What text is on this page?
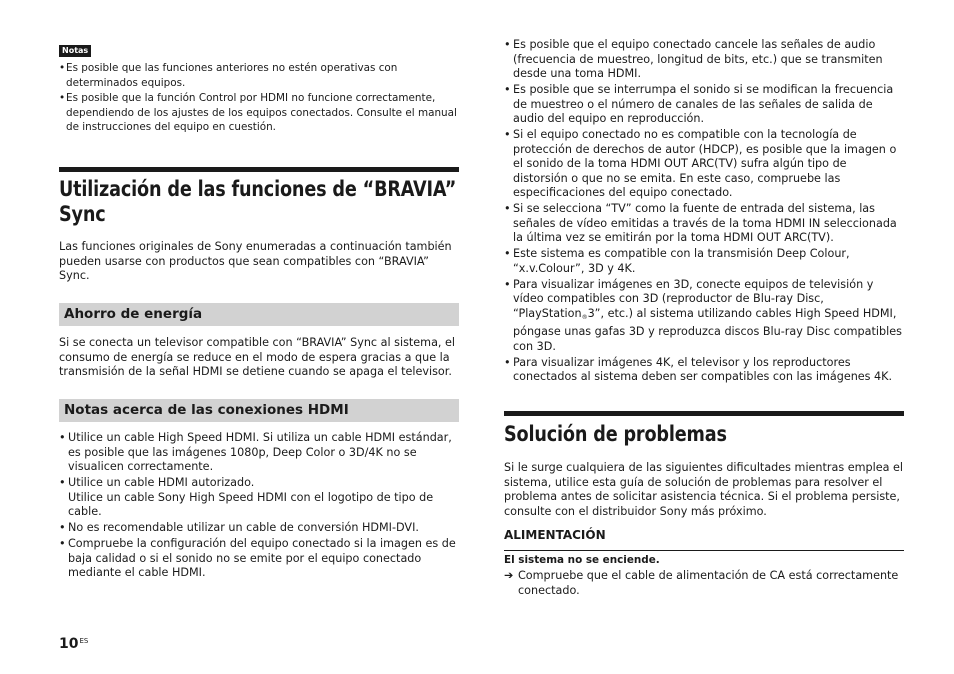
Notas
• Es posible que las funciones anteriores no estén operativas con determinados equipos.
• Es posible que la función Control por HDMI no funcione correctamente, dependiendo de los ajustes de los equipos conectados. Consulte el manual de instrucciones del equipo en cuestión.
Utilización de las funciones de “BRAVIA” Sync

Las funciones originales de Sony enumeradas a continuación también pueden usarse con productos que sean compatibles con “BRAVIA” Sync.

Ahorro de energía

Si se conecta un televisor compatible con “BRAVIA” Sync al sistema, el consumo de energía se reduce en el modo de espera gracias a que la transmisión de la señal HDMI se detiene cuando se apaga el televisor.

Notas acerca de las conexiones HDMI
• Utilice un cable High Speed HDMI. Si utiliza un cable HDMI estándar, es posible que las imágenes 1080p, Deep Color o 3D/4K no se visualicen correctamente.
• Utilice un cable HDMI autorizado.
Utilice un cable Sony High Speed HDMI con el logotipo de tipo de cable.
• No es recomendable utilizar un cable de conversión HDMI-DVI.
• Compruebe la configuración del equipo conectado si la imagen es de baja calidad o si el sonido no se emite por el equipo conectado mediante el cable HDMI.
• Es posible que el equipo conectado cancele las señales de audio (frecuencia de muestreo, longitud de bits, etc.) que se transmiten desde una toma HDMI.
• Es posible que se interrumpa el sonido si se modifican la frecuencia de muestreo o el número de canales de las señales de salida de audio del equipo en reproducción.
• Si el equipo conectado no es compatible con la tecnología de protección de derechos de autor (HDCP), es posible que la imagen o el sonido de la toma HDMI OUT ARC(TV) sufra algún tipo de distorsión o que no se emita. En este caso, compruebe las especificaciones del equipo conectado.
• Si se selecciona “TV” como la fuente de entrada del sistema, las señales de vídeo emitidas a través de la toma HDMI IN seleccionada la última vez se emitirán por la toma HDMI OUT ARC(TV).
• Este sistema es compatible con la transmisión Deep Colour, “x.v.Colour”, 3D y 4K.
• Para visualizar imágenes en 3D, conecte equipos de televisión y vídeo compatibles con 3D (reproductor de Blu-ray Disc, “PlayStation®3”, etc.) al sistema utilizando cables High Speed HDMI, póngase unas gafas 3D y reproduzca discos Blu-ray Disc compatibles con 3D.
• Para visualizar imágenes 4K, el televisor y los reproductores conectados al sistema deben ser compatibles con las imágenes 4K.
Solución de problemas

Si le surge cualquiera de las siguientes dificultades mientras emplea el sistema, utilice esta guía de solución de problemas para resolver el problema antes de solicitar asistencia técnica. Si el problema persiste, consulte con el distribuidor Sony más próximo.

ALIMENTACIÓN
El sistema no se enciende.
➔ Compruebe que el cable de alimentación de CA está correctamente conectado.
$10^{ES}$
